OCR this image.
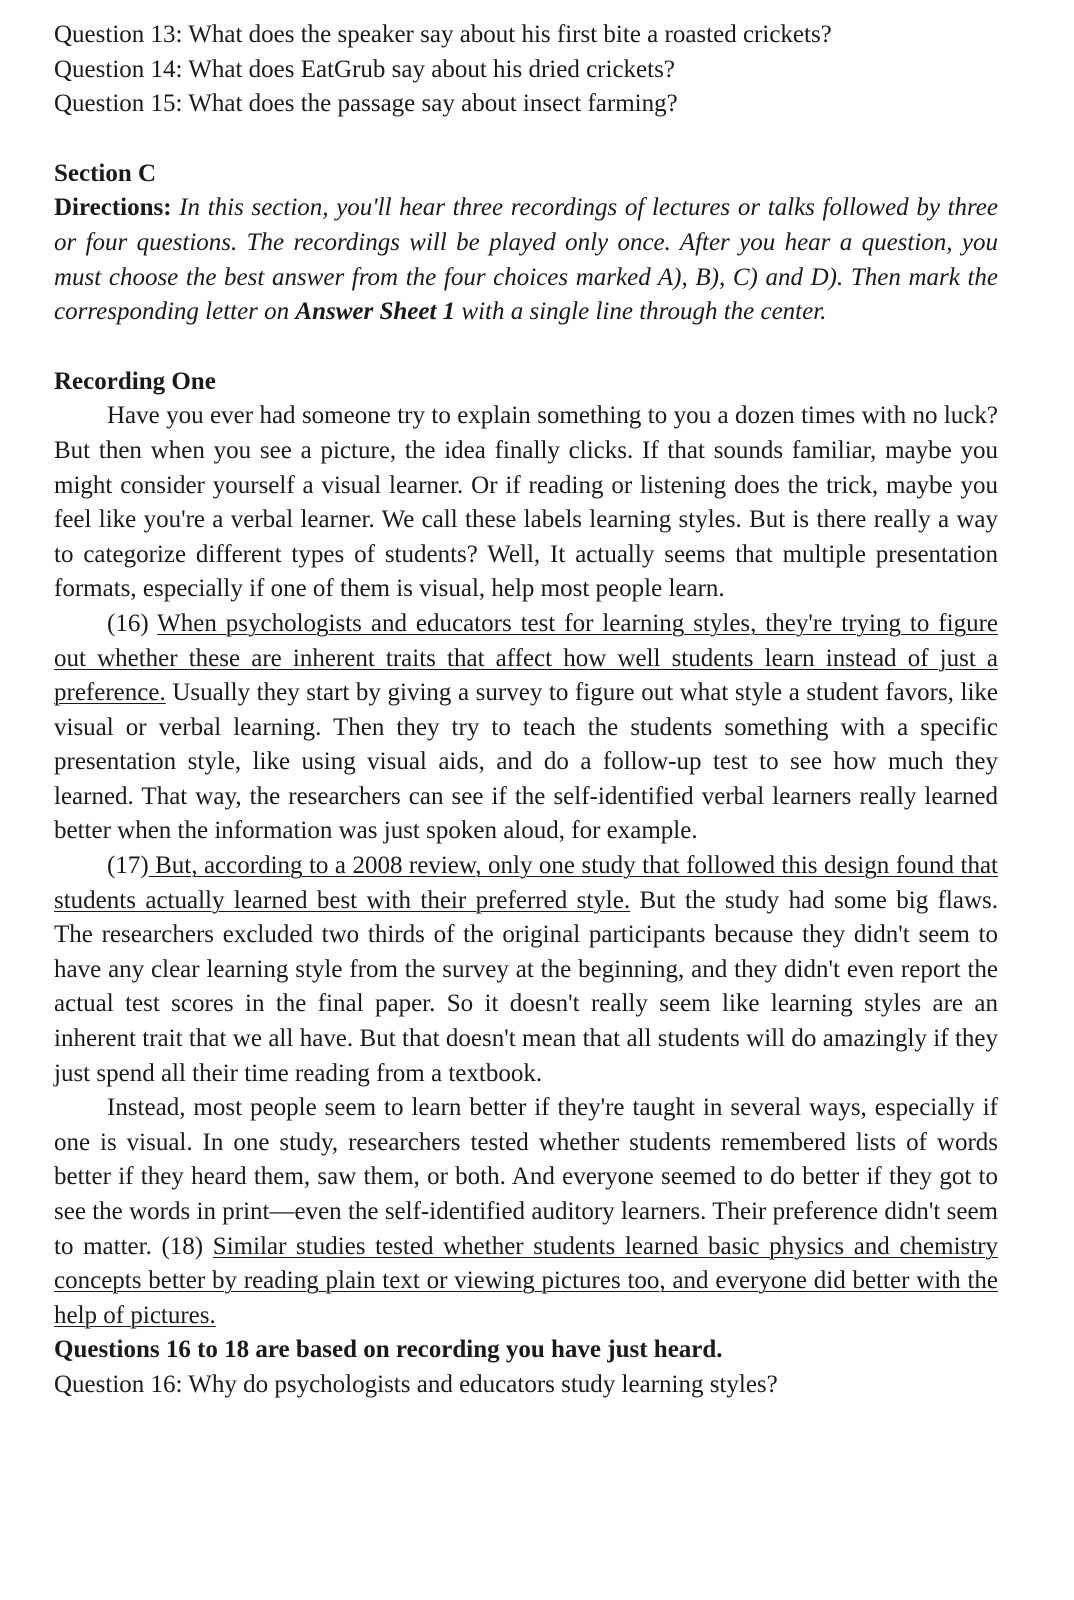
Question 13: What does the speaker say about his first bite a roasted crickets?

Question 14: What does EatGrub say about his dried crickets?

Question 15: What does the passage say about insect farming?

Section C

Directions: In this section, you'll hear three recordings of lectures or talks followed by three or four questions. The recordings will be played only once. After you hear a question, you must choose the best answer from the four choices marked A), B), C) and D). Then mark the corresponding letter on Answer Sheet 1 with a single line through the center.

Recording One

Have you ever had someone try to explain something to you a dozen times with no luck? But then when you see a picture, the idea finally clicks. If that sounds familiar, maybe you might consider yourself a visual learner. Or if reading or listening does the trick, maybe you feel like you're a verbal learner. We call these labels learning styles. But is there really a way to categorize different types of students? Well, It actually seems that multiple presentation formats, especially if one of them is visual, help most people learn.

(16) When psychologists and educators test for learning styles, they're trying to figure out whether these are inherent traits that affect how well students learn instead of just a preference. Usually they start by giving a survey to figure out what style a student favors, like visual or verbal learning. Then they try to teach the students something with a specific presentation style, like using visual aids, and do a follow-up test to see how much they learned. That way, the researchers can see if the self-identified verbal learners really learned better when the information was just spoken aloud, for example.

(17) But, according to a 2008 review, only one study that followed this design found that students actually learned best with their preferred style. But the study had some big flaws. The researchers excluded two thirds of the original participants because they didn't seem to have any clear learning style from the survey at the beginning, and they didn't even report the actual test scores in the final paper. So it doesn't really seem like learning styles are an inherent trait that we all have. But that doesn't mean that all students will do amazingly if they just spend all their time reading from a textbook.

Instead, most people seem to learn better if they're taught in several ways, especially if one is visual. In one study, researchers tested whether students remembered lists of words better if they heard them, saw them, or both. And everyone seemed to do better if they got to see the words in print—even the self-identified auditory learners. Their preference didn't seem to matter. (18) Similar studies tested whether students learned basic physics and chemistry concepts better by reading plain text or viewing pictures too, and everyone did better with the help of pictures.

Questions 16 to 18 are based on recording you have just heard.

Question 16: Why do psychologists and educators study learning styles?
